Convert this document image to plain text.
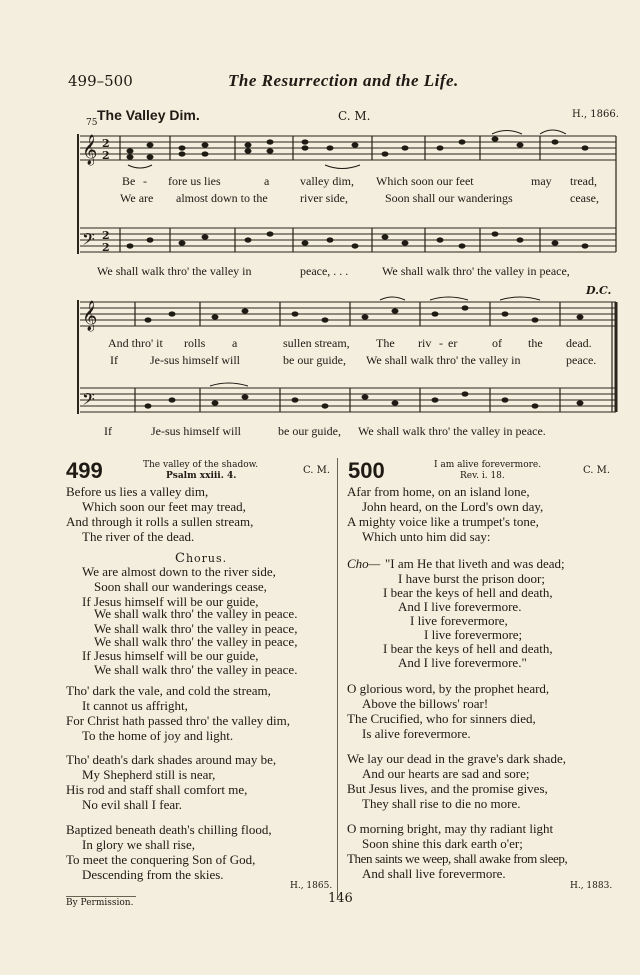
499–500	The Resurrection and the Life.
75 The Valley Dim.	C. M.	H., 1866.
𝄞
𝄢
𝄞
𝄢
2
2
2
2
Be - fore us lies	a	valley dim, Which soon our feet	may tread,
We are almost down to the	river side,	Soon shall our wanderings	cease,
We shall walk thro' the valley in	peace, . . .	We shall walk thro' the valley in peace,
D.C.
And thro' it rolls a	sullen stream, The riv - er	of the dead.
If	Je-sus himself will	be our guide, We shall walk thro' the valley in	peace.
If	Je-sus himself will	be our guide, We shall walk thro' the valley in peace.
499	The valley of the shadow.
Psalm xxiii. 4.	C. M.
Before us lies a valley dim,
Which soon our feet may tread,
And through it rolls a sullen stream,
The river of the dead.
Chorus.
We are almost down to the river side,
Soon shall our wanderings cease,
If Jesus himself will be our guide,
We shall walk thro' the valley in peace.
We shall walk thro' the valley in peace,
We shall walk thro' the valley in peace,
If Jesus himself will be our guide,
We shall walk thro' the valley in peace.
Tho' dark the vale, and cold the stream,
It cannot us affright,
For Christ hath passed thro' the valley dim,
To the home of joy and light.
Tho' death's dark shades around may be,
My Shepherd still is near,
His rod and staff shall comfort me,
No evil shall I fear.
Baptized beneath death's chilling flood,
In glory we shall rise,
To meet the conquering Son of God,
Descending from the skies.
H., 1865.
500	I am alive forevermore.
Rev. i. 18.	C. M.
Afar from home, on an island lone,
John heard, on the Lord's own day,
A mighty voice like a trumpet's tone,
Which unto him did say:
Cho— "I am He that liveth and was dead;
I have burst the prison door;
I bear the keys of hell and death,
And I live forevermore.
I live forevermore,
I live forevermore;
I bear the keys of hell and death,
And I live forevermore."
O glorious word, by the prophet heard,
Above the billows' roar!
The Crucified, who for sinners died,
Is alive forevermore.
We lay our dead in the grave's dark shade,
And our hearts are sad and sore;
But Jesus lives, and the promise gives,
They shall rise to die no more.
O morning bright, may thy radiant light
Soon shine this dark earth o'er;
Then saints we weep, shall awake from sleep,
And shall live forevermore.
H., 1883.
By Permission.	146
